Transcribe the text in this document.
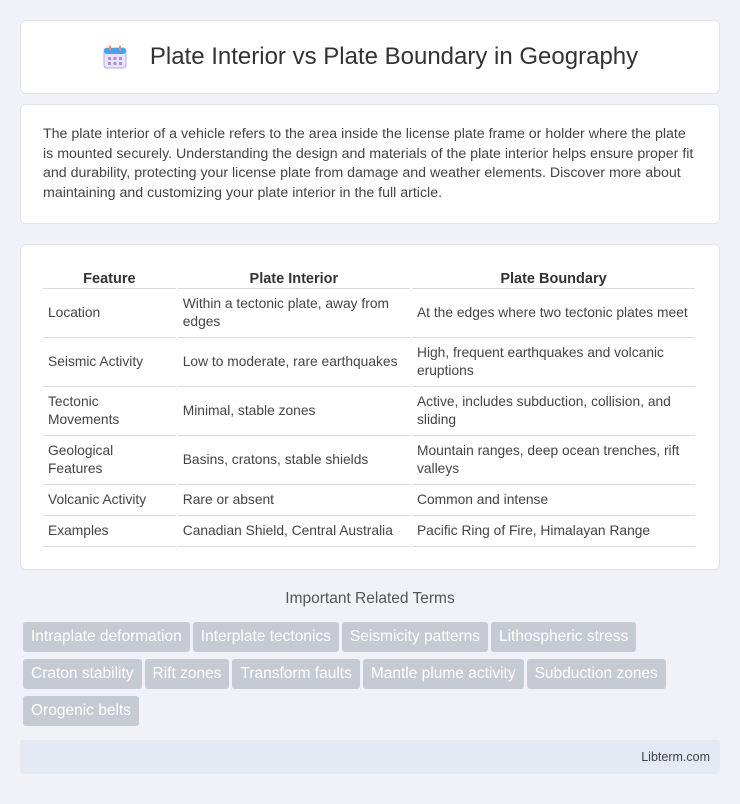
Plate Interior vs Plate Boundary in Geography

The plate interior of a vehicle refers to the area inside the license plate frame or holder where the plate is mounted securely. Understanding the design and materials of the plate interior helps ensure proper fit and durability, protecting your license plate from damage and weather elements. Discover more about maintaining and customizing your plate interior in the full article.

Feature	Plate Interior	Plate Boundary
Location	Within a tectonic plate, away from edges	At the edges where two tectonic plates meet
Seismic Activity	Low to moderate, rare earthquakes	High, frequent earthquakes and volcanic eruptions
Tectonic Movements	Minimal, stable zones	Active, includes subduction, collision, and sliding
Geological Features	Basins, cratons, stable shields	Mountain ranges, deep ocean trenches, rift valleys
Volcanic Activity	Rare or absent	Common and intense
Examples	Canadian Shield, Central Australia	Pacific Ring of Fire, Himalayan Range
Important Related Terms
Intraplate deformation Interplate tectonics Seismicity patterns Lithospheric stress
Craton stability Rift zones Transform faults Mantle plume activity Subduction zones
Orogenic belts
Libterm.com
